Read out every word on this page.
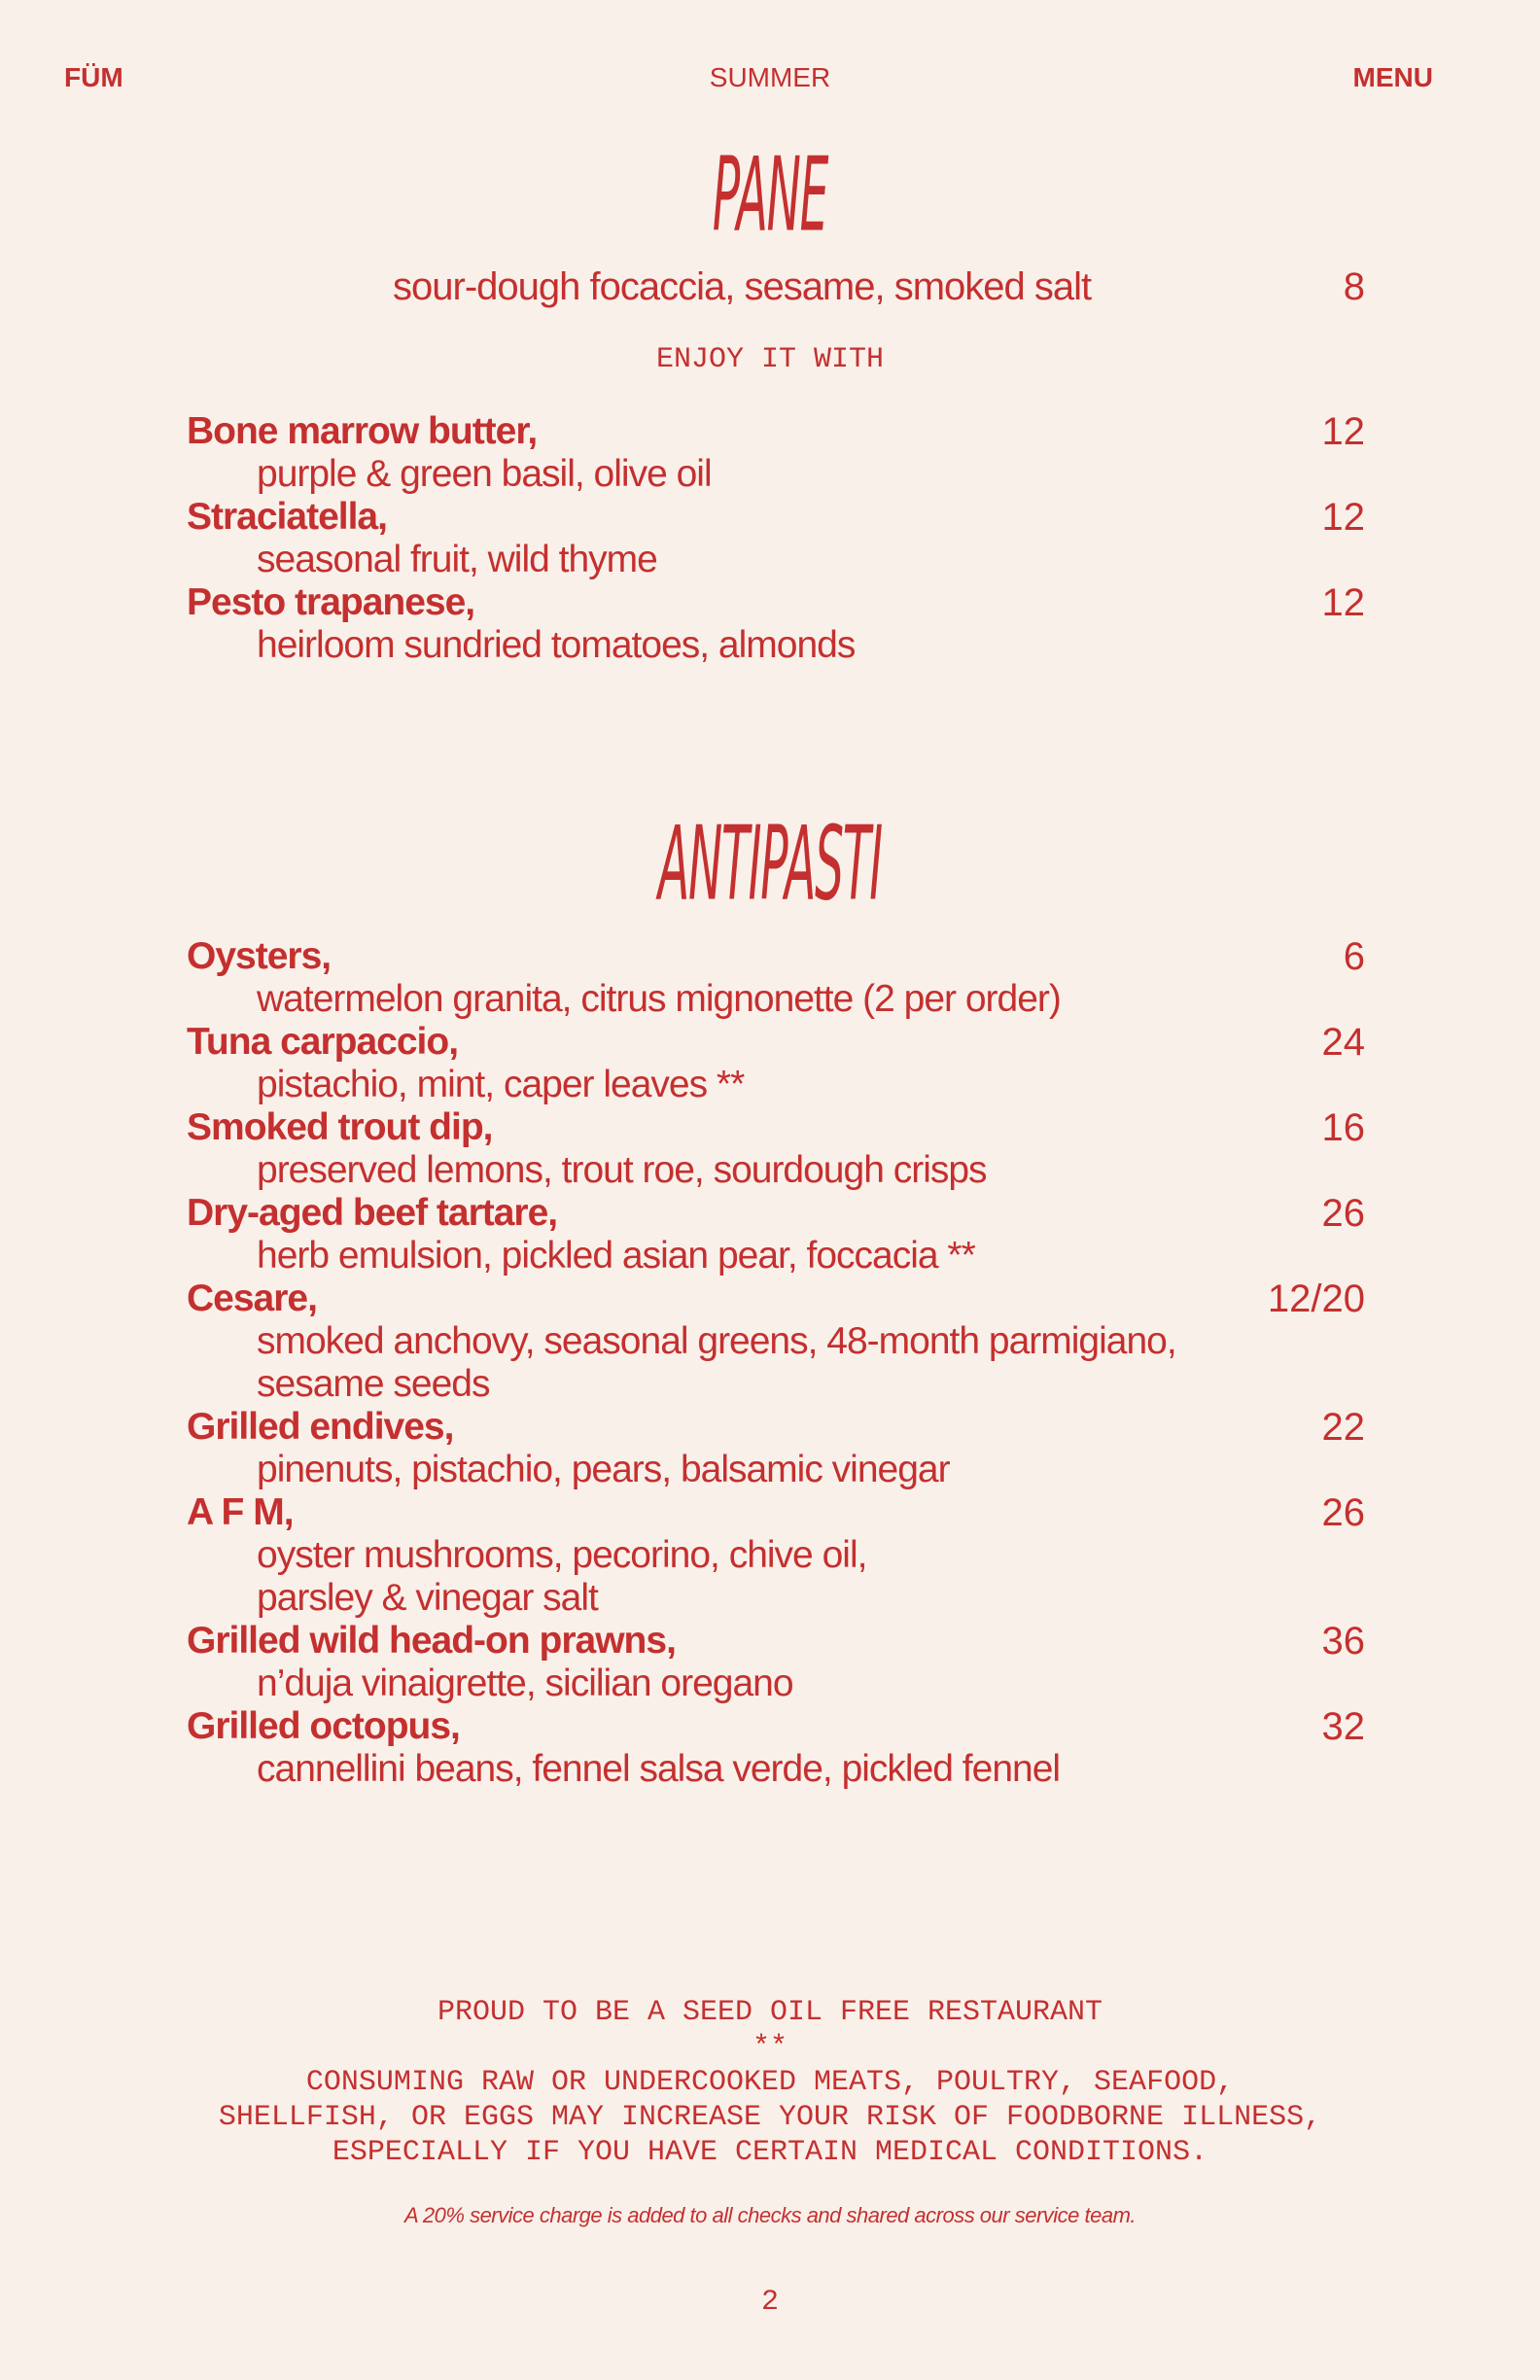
FÜM	SUMMER	MENU
PANE
sour-dough focaccia, sesame, smoked salt	8
ENJOY IT WITH
Bone marrow butter,	12
purple & green basil, olive oil
Straciatella,	12
seasonal fruit, wild thyme
Pesto trapanese,	12
heirloom sundried tomatoes, almonds
ANTIPASTI
Oysters,	6
watermelon granita, citrus mignonette (2 per order)
Tuna carpaccio,	24
pistachio, mint, caper leaves **
Smoked trout dip,	16
preserved lemons, trout roe, sourdough crisps
Dry-aged beef tartare,	26
herb emulsion, pickled asian pear, foccacia **
Cesare,	12/20
smoked anchovy, seasonal greens, 48-month parmigiano,
sesame seeds
Grilled endives,	22
pinenuts, pistachio, pears, balsamic vinegar
A F M,	26
oyster mushrooms, pecorino, chive oil,
parsley & vinegar salt
Grilled wild head-on prawns,	36
n’duja vinaigrette, sicilian oregano
Grilled octopus,	32
cannellini beans, fennel salsa verde, pickled fennel
PROUD TO BE A SEED OIL FREE RESTAURANT
**
CONSUMING RAW OR UNDERCOOKED MEATS, POULTRY, SEAFOOD,
SHELLFISH, OR EGGS MAY INCREASE YOUR RISK OF FOODBORNE ILLNESS,
ESPECIALLY IF YOU HAVE CERTAIN MEDICAL CONDITIONS.
A 20% service charge is added to all checks and shared across our service team.
2
